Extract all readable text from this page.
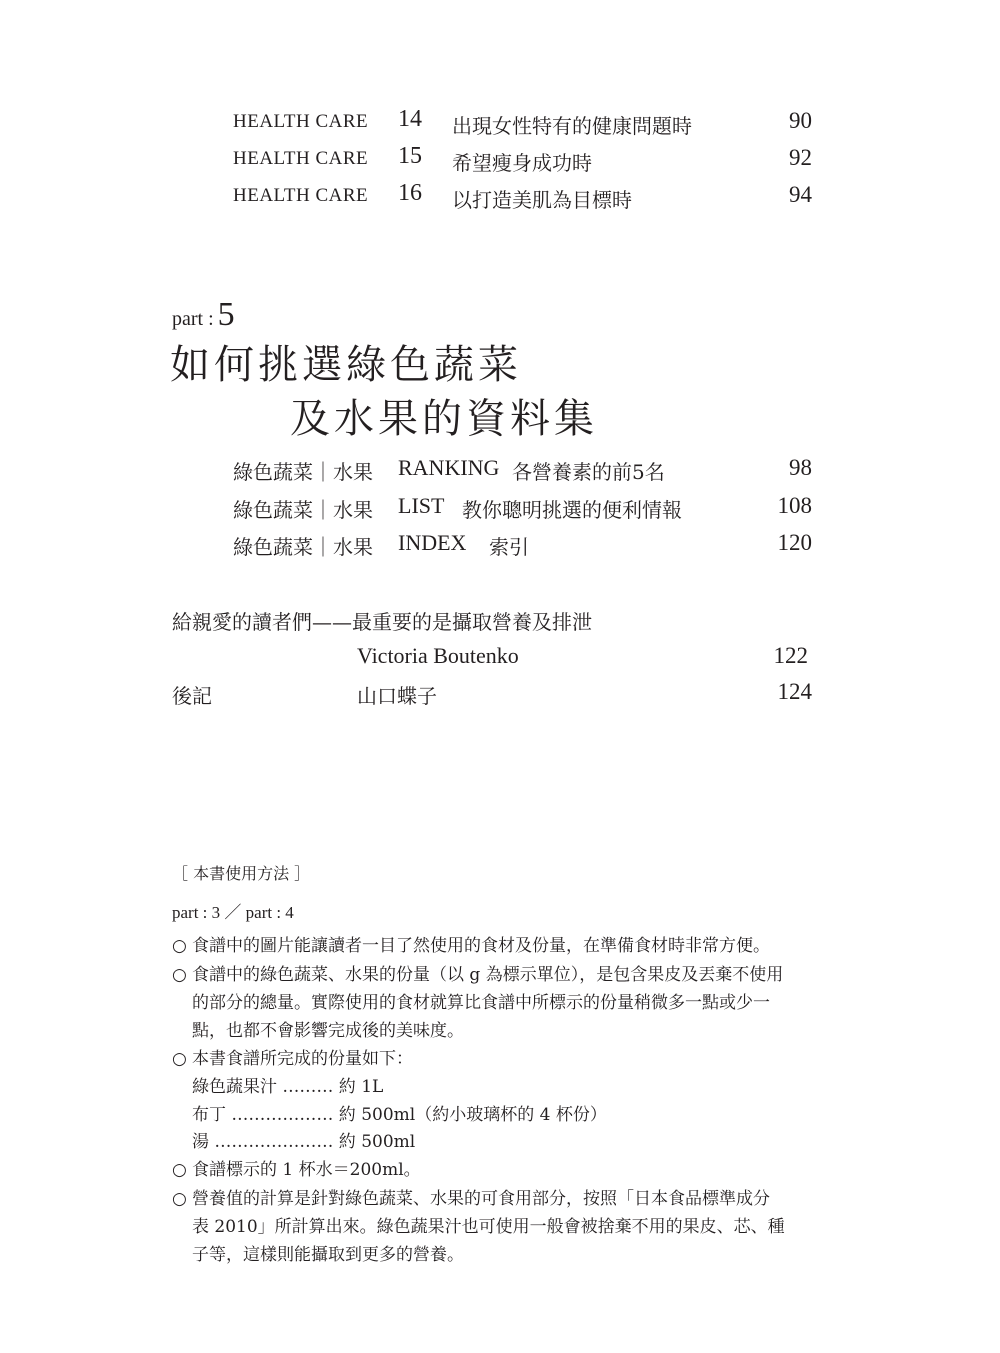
HEALTH CARE 14 出現女性特有的健康問題時	90
HEALTH CARE 15 希望瘦身成功時	92
HEALTH CARE 16 以打造美肌為目標時	94
part : 5
如何挑選綠色蔬菜
及水果的資料集
綠色蔬菜｜水果 RANKING 各營養素的前5名	98
綠色蔬菜｜水果 LIST 教你聰明挑選的便利情報	108
綠色蔬菜｜水果 INDEX 索引	120
給親愛的讀者們——最重要的是攝取營養及排泄
Victoria Boutenko	122
後記	山口蝶子	124
［ 本書使用方法 ］
part : 3 ／ part : 4
○ 食譜中的圖片能讓讀者一目了然使用的食材及份量，在準備食材時非常方便。
○ 食譜中的綠色蔬菜、水果的份量（以 g 為標示單位），是包含果皮及丟棄不使用
的部分的總量。實際使用的食材就算比食譜中所標示的份量稍微多一點或少一
點，也都不會影響完成後的美味度。
○ 本書食譜所完成的份量如下：
綠色蔬果汁 ……… 約 1L
布丁 ……………… 約 500ml（約小玻璃杯的 4 杯份）
湯 ………………… 約 500ml
○ 食譜標示的 1 杯水＝200ml。
○ 營養值的計算是針對綠色蔬菜、水果的可食用部分，按照「日本食品標準成分
表 2010」所計算出來。綠色蔬果汁也可使用一般會被捨棄不用的果皮、芯、種
子等，這樣則能攝取到更多的營養。
